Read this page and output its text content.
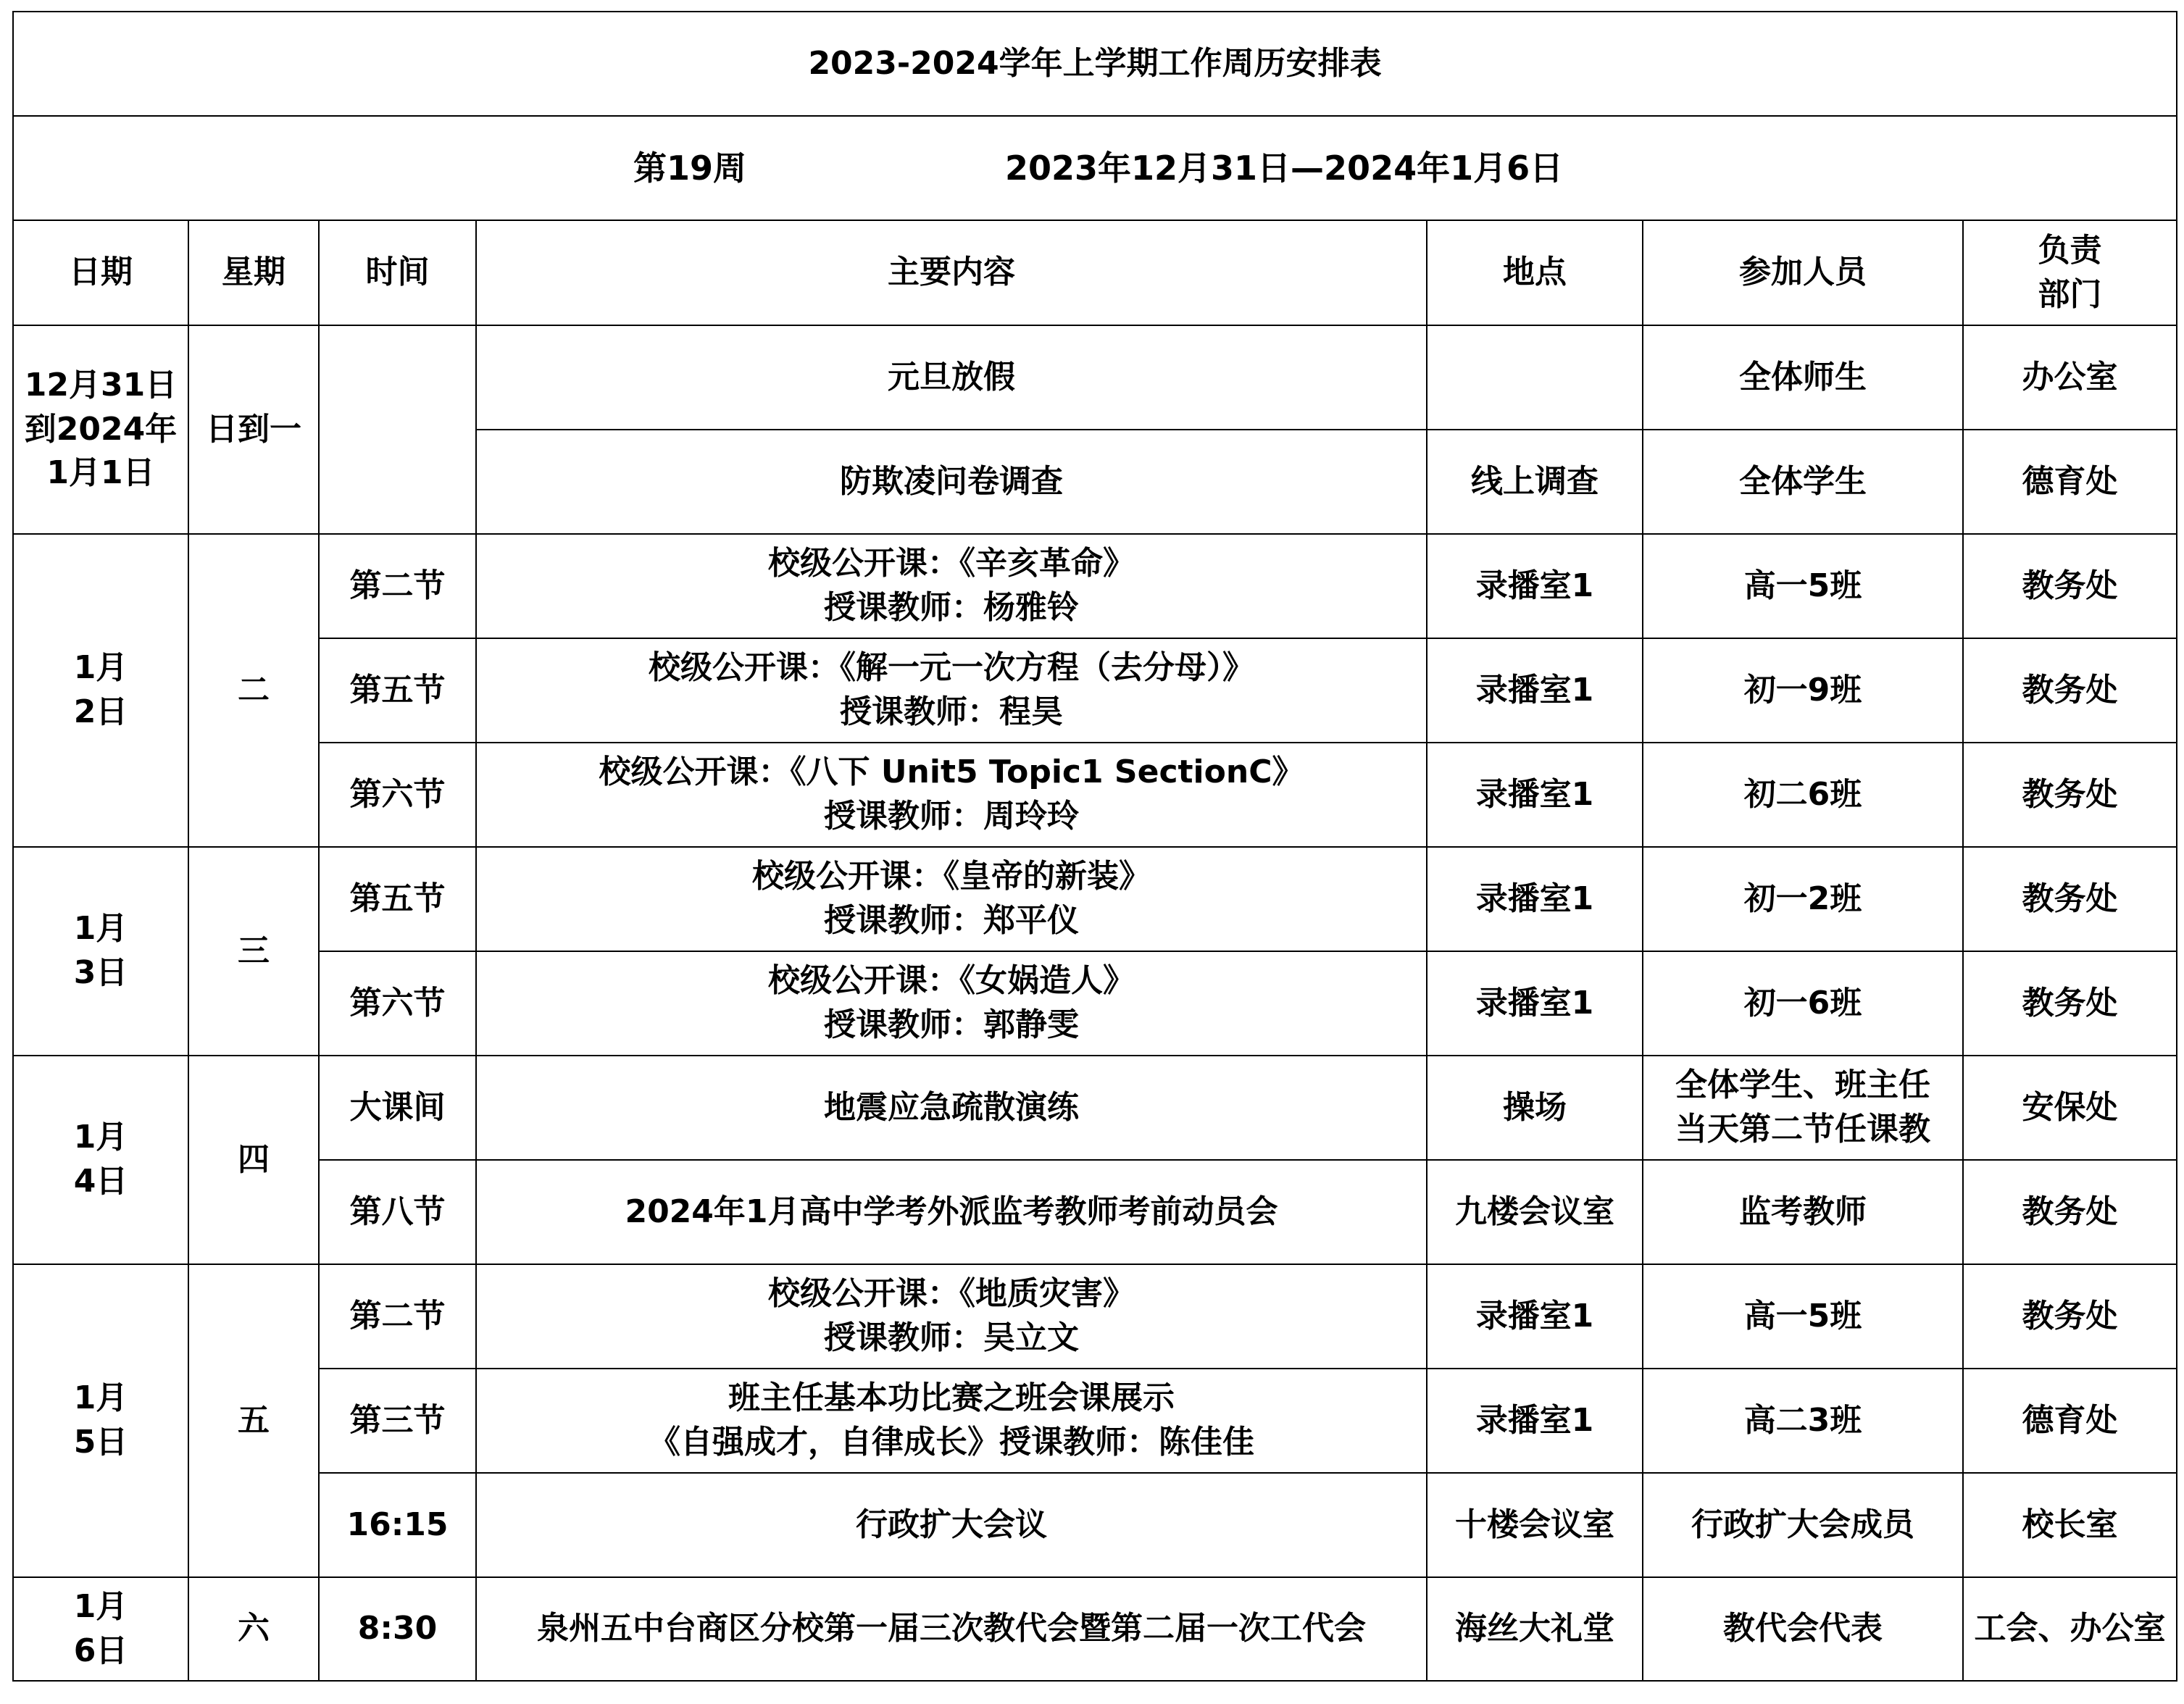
2023-2024学年上学期工作周历安排表						

第19周 2023年12月31日—2024年1月6日						

日期	星期	时间	主要内容	地点	参加人员	负责
部门

12月31日
到2024年
1月1日	日到一		元旦放假		全体师生	办公室

			防欺凌问卷调查	线上调查	全体学生	德育处

1月
2日	二	第二节	校级公开课：《辛亥革命》
授课教师：杨雅铃	录播室1	高一5班	教务处
		第五节	校级公开课：《解一元一次方程（去分母）》
授课教师：程昊	录播室1	初一9班	教务处
		第六节	校级公开课：《八下 Unit5 Topic1 SectionC》
授课教师：周玲玲	录播室1	初二6班	教务处

1月
3日	三	第五节	校级公开课：《皇帝的新装》
授课教师：郑平仪	录播室1	初一2班	教务处
		第六节	校级公开课：《女娲造人》
授课教师：郭静雯	录播室1	初一6班	教务处

1月
4日	四	大课间	地震应急疏散演练	操场	全体学生、班主任
当天第二节任课教	安保处
		第八节	2024年1月高中学考外派监考教师考前动员会	九楼会议室	监考教师	教务处

1月
5日	五	第二节	校级公开课：《地质灾害》
授课教师：吴立文	录播室1	高一5班	教务处
		第三节	班主任基本功比赛之班会课展示
《自强成才，自律成长》授课教师：陈佳佳	录播室1	高二3班	德育处
		16:15	行政扩大会议	十楼会议室	行政扩大会成员	校长室

1月
6日	六	8:30	泉州五中台商区分校第一届三次教代会暨第二届一次工代会	海丝大礼堂	教代会代表	工会、办公室
